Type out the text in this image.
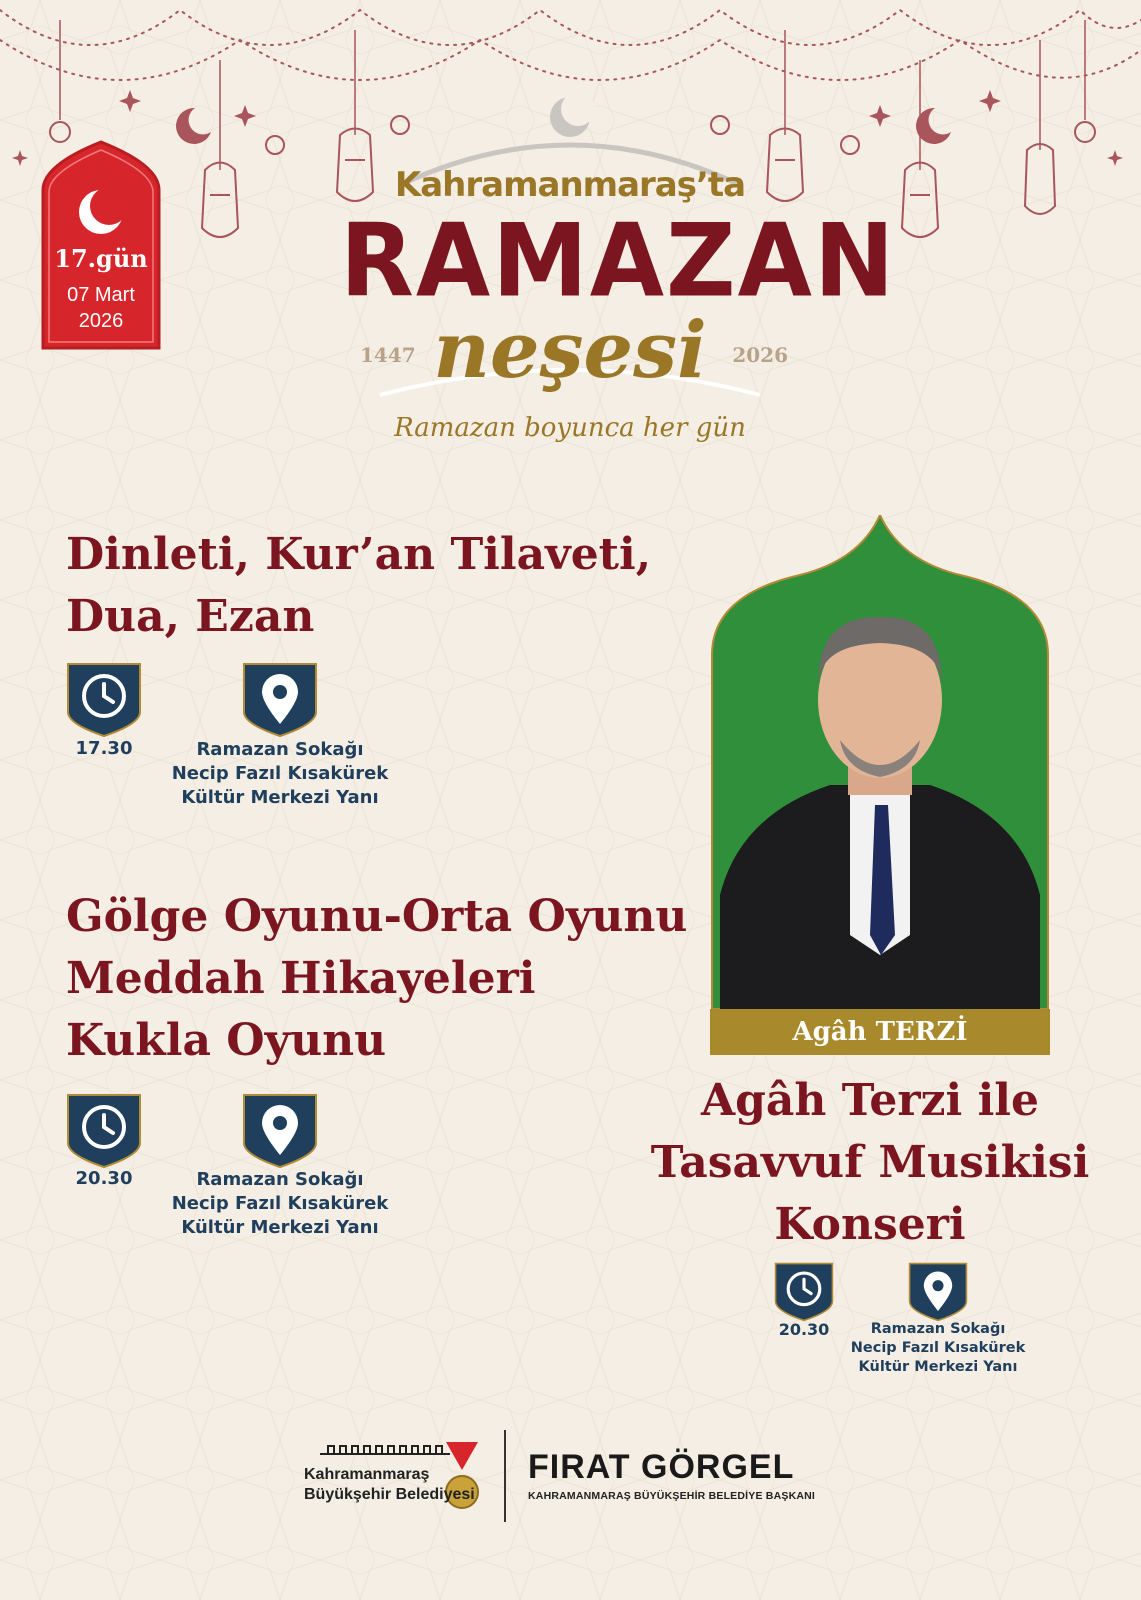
17.gün
07 Mart
2026
Kahramanmaraş’ta
RAMAZAN
1447 neşesi	2026
Ramazan boyunca her gün
Dinleti, Kur’an Tilaveti,
Dua, Ezan
17.30	Ramazan Sokağı
Necip Fazıl Kısakürek
Kültür Merkezi Yanı
Gölge Oyunu-Orta Oyunu
Meddah Hikayeleri
Kukla Oyunu
20.30	Ramazan Sokağı
Necip Fazıl Kısakürek
Kültür Merkezi Yanı
Agâh TERZİ
Agâh Terzi ile
Tasavvuf Musikisi
Konseri
20.30	Ramazan Sokağı
Necip Fazıl Kısakürek
Kültür Merkezi Yanı
Kahramanmaraş
Büyükşehir Belediyesi
FIRAT GÖRGEL
KAHRAMANMARAŞ BÜYÜKŞEHİR BELEDİYE BAŞKANI
